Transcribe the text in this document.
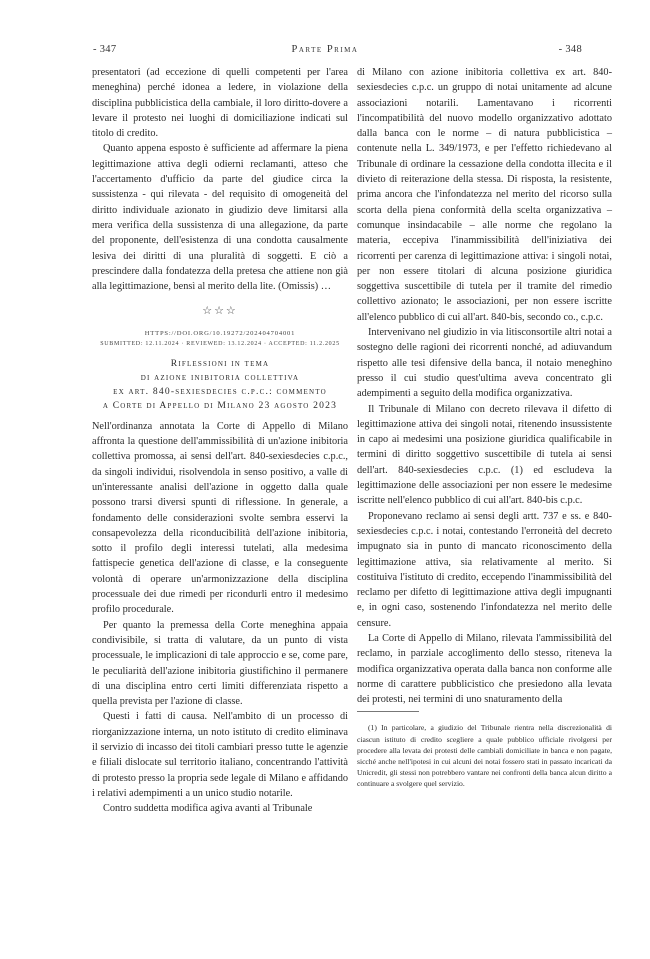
Parte Prima
- 347	- 348

presentatori (ad eccezione di quelli competenti per l'area meneghina) perché idonea a ledere, in violazione della disciplina pubblicistica della cambiale, il loro diritto-dovere a levare il protesto nei luoghi di domiciliazione indicati sul titolo di credito.

Quanto appena esposto è sufficiente ad affermare la piena legittimazione attiva degli odierni reclamanti, atteso che l'accertamento d'ufficio da parte del giudice circa la sussistenza - qui rilevata - del requisito di omogeneità del diritto individuale azionato in giudizio deve limitarsi alla mera verifica della sussistenza di una allegazione, da parte del proponente, dell'esistenza di una condotta causalmente lesiva dei diritti di una pluralità di soggetti. E ciò a prescindere dalla fondatezza della pretesa che attiene non già alla legittimazione, bensì al merito della lite. (Omissis) …

☆☆☆
HTTPS://DOI.ORG/10.19272/202404704001
SUBMITTED: 12.11.2024 · REVIEWED: 13.12.2024 · ACCEPTED: 11.2.2025
Riflessioni in tema
di azione inibitoria collettiva
ex art. 840-sexiesdecies c.p.c.: commento
a Corte di Appello di Milano 23 agosto 2023

Nell'ordinanza annotata la Corte di Appello di Milano affronta la questione dell'ammissibilità di un'azione inibitoria collettiva promossa, ai sensi dell'art. 840-sexiesdecies c.p.c., da singoli individui, risolvendola in senso positivo, a valle di un'interessante analisi dell'azione in oggetto dalla quale possono trarsi diversi spunti di riflessione. In generale, a fondamento delle considerazioni svolte sembra esservi la consapevolezza della riconducibilità dell'azione inibitoria, sotto il profilo degli interessi tutelati, alla medesima fattispecie genetica dell'azione di classe, e la conseguente volontà di operare un'armonizzazione della disciplina processuale dei due rimedi per ricondurli entro il medesimo profilo procedurale.

Per quanto la premessa della Corte meneghina appaia condivisibile, si tratta di valutare, da un punto di vista processuale, le implicazioni di tale approccio e se, come pare, le peculiarità dell'azione inibitoria giustifichino il permanere di una disciplina entro certi limiti differenziata rispetto a quella prevista per l'azione di classe.

Questi i fatti di causa. Nell'ambito di un processo di riorganizzazione interna, un noto istituto di credito eliminava il servizio di incasso dei titoli cambiari presso tutte le agenzie e filiali dislocate sul territorio italiano, concentrando l'attività di protesto presso la propria sede legale di Milano e affidando i relativi adempimenti a un unico studio notarile.

Contro suddetta modifica agiva avanti al Tribunale

di Milano con azione inibitoria collettiva ex art. 840-sexiesdecies c.p.c. un gruppo di notai unitamente ad alcune associazioni notarili. Lamentavano i ricorrenti l'incompatibilità del nuovo modello organizzativo adottato dalla banca con le norme – di natura pubblicistica – contenute nella L. 349/1973, e per l'effetto richiedevano al Tribunale di ordinare la cessazione della condotta illecita e il divieto di reiterazione della stessa. Di risposta, la resistente, prima ancora che l'infondatezza nel merito del ricorso sulla scorta della piena conformità della scelta organizzativa – comunque insindacabile – alle norme che regolano la materia, eccepiva l'inammissibilità dell'iniziativa dei ricorrenti per carenza di legittimazione attiva: i singoli notai, per non essere titolari di alcuna posizione giuridica soggettiva suscettibile di tutela per il tramite del rimedio collettivo azionato; le associazioni, per non essere iscritte all'elenco pubblico di cui all'art. 840-bis, secondo co., c.p.c.

Intervenivano nel giudizio in via litisconsortile altri notai a sostegno delle ragioni dei ricorrenti nonché, ad adiuvandum rispetto alle tesi difensive della banca, il notaio meneghino presso il cui studio quest'ultima aveva concentrato gli adempimenti a seguito della modifica organizzativa.

Il Tribunale di Milano con decreto rilevava il difetto di legittimazione attiva dei singoli notai, ritenendo insussistente in capo ai medesimi una posizione giuridica qualificabile in termini di diritto soggettivo suscettibile di tutela ai sensi dell'art. 840-sexiesdecies c.p.c. (1) ed escludeva la legittimazione delle associazioni per non essere le medesime iscritte nell'elenco pubblico di cui all'art. 840-bis c.p.c.

Proponevano reclamo ai sensi degli artt. 737 e ss. e 840-sexiesdecies c.p.c. i notai, contestando l'erroneità del decreto impugnato sia in punto di mancato riconoscimento della legittimazione attiva, sia relativamente al merito. Si costituiva l'istituto di credito, eccependo l'inammissibilità del reclamo per difetto di legittimazione attiva degli impugnanti e, in ogni caso, sostenendo l'infondatezza nel merito delle censure.

La Corte di Appello di Milano, rilevata l'ammissibilità del reclamo, in parziale accoglimento dello stesso, riteneva la modifica organizzativa operata dalla banca non conforme alle norme di carattere pubblicistico che presiedono alla levata dei protesti, nei termini di uno snaturamento della

(1) In particolare, a giudizio del Tribunale rientra nella discrezionalità di ciascun istituto di credito scegliere a quale pubblico ufficiale rivolgersi per procedere alla levata dei protesti delle cambiali domiciliate in banca e non pagate, sicché anche nell'ipotesi in cui alcuni dei notai fossero stati in passato incaricati da Unicredit, gli stessi non potrebbero vantare nei confronti della banca alcun diritto a continuare a svolgere quel servizio.
